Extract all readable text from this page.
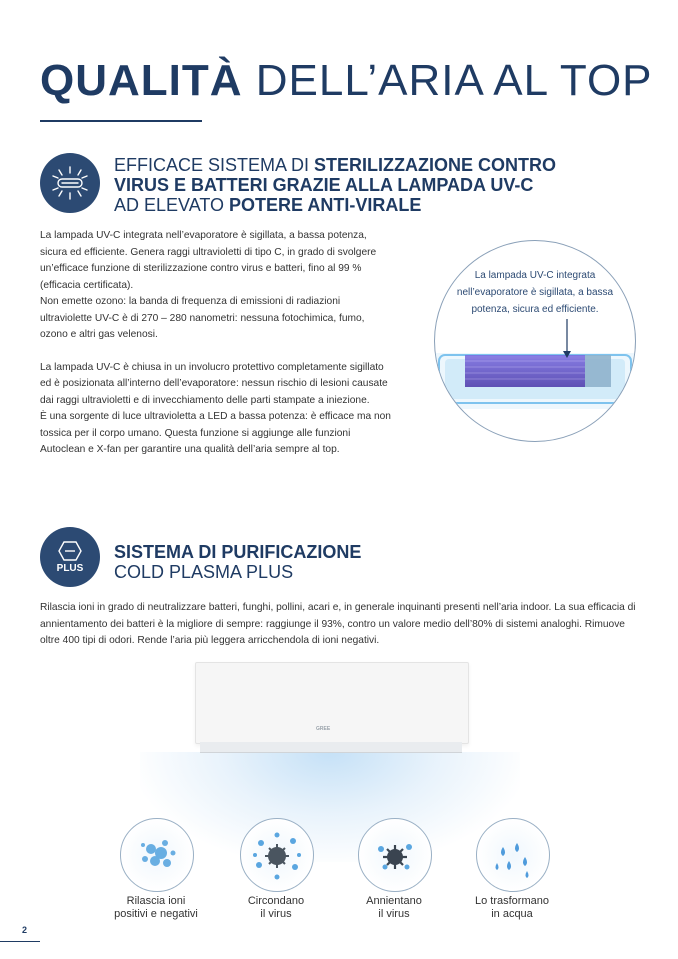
QUALITÀ DELL’ARIA AL TOP
EFFICACE SISTEMA DI STERILIZZAZIONE CONTRO
VIRUS E BATTERI GRAZIE ALLA LAMPADA UV-C
AD ELEVATO POTERE ANTI-VIRALE

La lampada UV-C integrata nell’evaporatore è sigillata, a bassa potenza, sicura ed efficiente. Genera raggi ultravioletti di tipo C, in grado di svolgere un’efficace funzione di sterilizzazione contro virus e batteri, fino al 99 % (efficacia certificata).

Non emette ozono: la banda di frequenza di emissioni di radiazioni ultraviolette UV-C è di 270 – 280 nanometri: nessuna fotochimica, fumo, ozono e altri gas velenosi.

La lampada UV-C è chiusa in un involucro protettivo completamente sigillato ed è posizionata all’interno dell’evaporatore: nessun rischio di lesioni causate dai raggi ultravioletti e di invecchiamento delle parti stampate a iniezione.

È una sorgente di luce ultravioletta a LED a bassa potenza: è efficace ma non tossica per il corpo umano. Questa funzione si aggiunge alle funzioni Autoclean e X-fan per garantire una qualità dell’aria sempre al top.

La lampada UV-C integrata nell’evaporatore è sigillata, a bassa potenza, sicura ed efficiente.
PLUS
SISTEMA DI PURIFICAZIONE
COLD PLASMA PLUS

Rilascia ioni in grado di neutralizzare batteri, funghi, pollini, acari e, in generale inquinanti presenti nell’aria indoor. La sua efficacia di annientamento dei batteri è la migliore di sempre: raggiunge il 93%, contro un valore medio dell’80% di sistemi analoghi. Rimuove oltre 400 tipi di odori. Rende l’aria più leggera arricchendola di ioni negativi.

GREE
Rilascia ioni
positivi e negativi
Circondano
il virus
Annientano
il virus
Lo trasformano
in acqua
2
